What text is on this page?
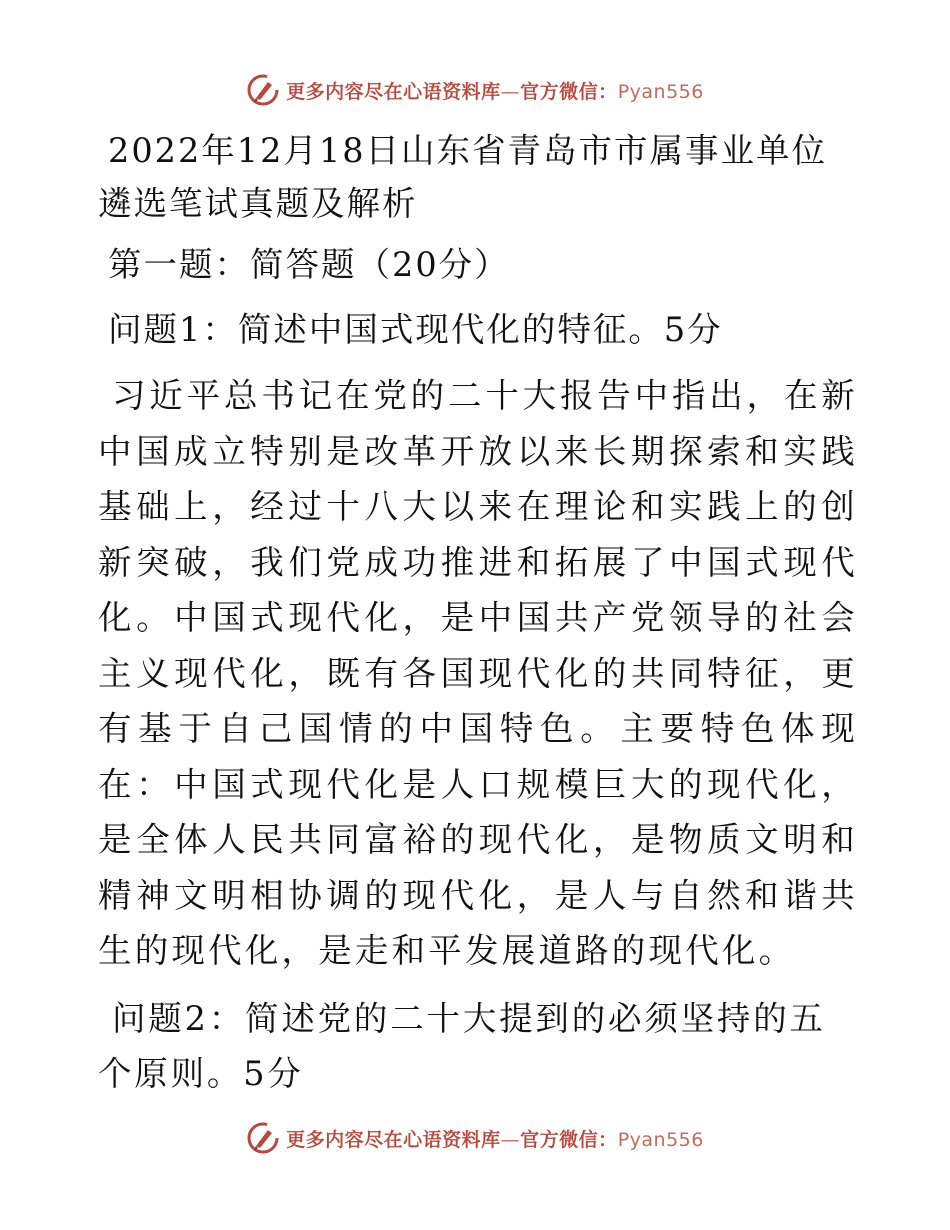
更多内容尽在心语资料库—官方微信：Pyan556
2022年12月18日山东省青岛市市属事业单位遴选笔试真题及解析
第一题：简答题（20分）
问题1：简述中国式现代化的特征。5分
习近平总书记在党的二十大报告中指出，在新中国成立特别是改革开放以来长期探索和实践基础上，经过十八大以来在理论和实践上的创新突破，我们党成功推进和拓展了中国式现代化。中国式现代化，是中国共产党领导的社会主义现代化，既有各国现代化的共同特征，更有基于自己国情的中国特色。主要特色体现在：中国式现代化是人口规模巨大的现代化，是全体人民共同富裕的现代化，是物质文明和精神文明相协调的现代化，是人与自然和谐共生的现代化，是走和平发展道路的现代化。
问题2：简述党的二十大提到的必须坚持的五个原则。5分
更多内容尽在心语资料库—官方微信：Pyan556
